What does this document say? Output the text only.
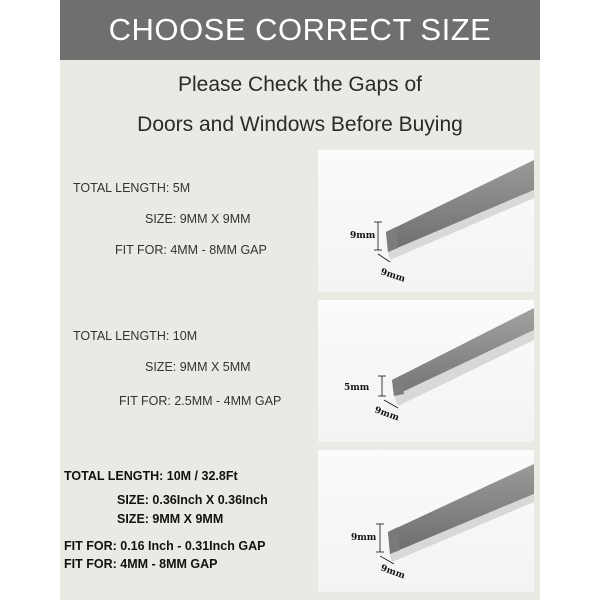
CHOOSE CORRECT SIZE
Please Check the Gaps of
Doors and Windows Before Buying
TOTAL LENGTH: 5M
SIZE: 9MM X 9MM
FIT FOR: 4MM - 8MM GAP
9mm
9mm
TOTAL LENGTH: 10M
SIZE: 9MM X 5MM
FIT FOR: 2.5MM - 4MM GAP
5mm
9mm
TOTAL LENGTH: 10M / 32.8Ft
SIZE: 0.36Inch X 0.36Inch
SIZE: 9MM X 9MM
FIT FOR: 0.16 Inch - 0.31Inch GAP
FIT FOR: 4MM - 8MM GAP
9mm
9mm
